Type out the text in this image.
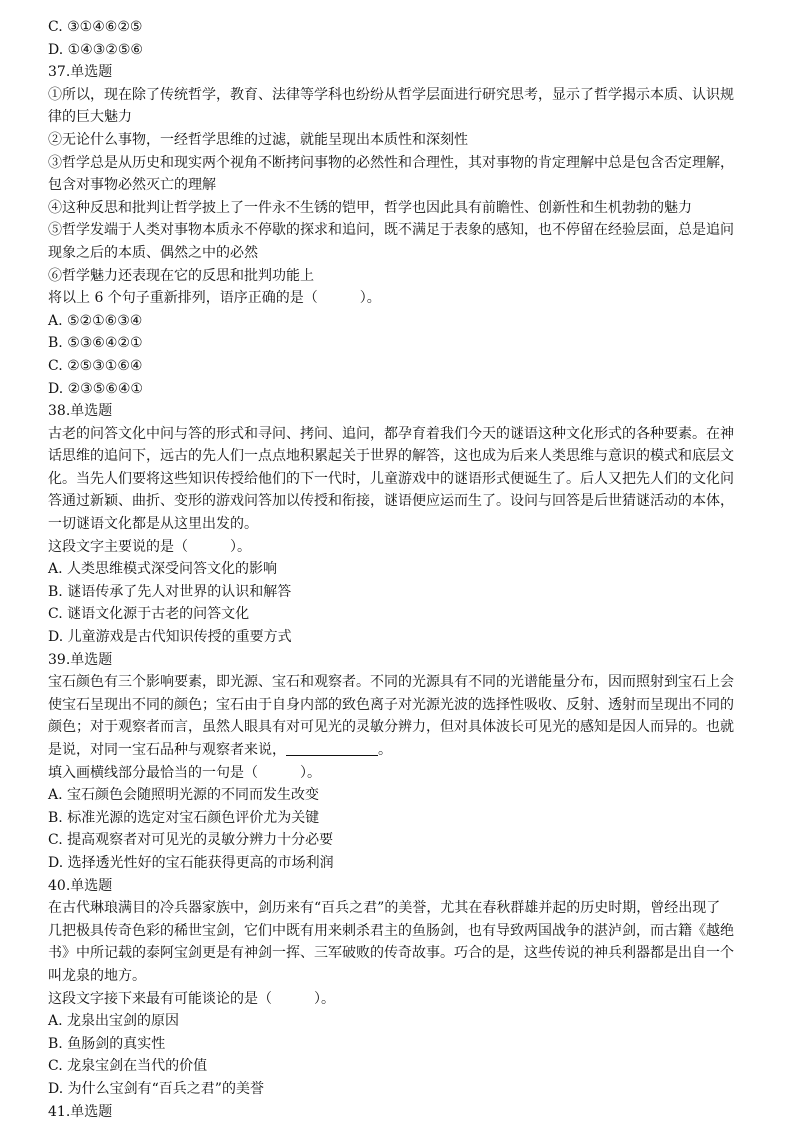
C. ③①④⑥②⑤
D. ①④③②⑤⑥
37.单选题
①所以，现在除了传统哲学，教育、法律等学科也纷纷从哲学层面进行研究思考，显示了哲学揭示本质、认识规
律的巨大魅力
②无论什么事物，一经哲学思维的过滤，就能呈现出本质性和深刻性
③哲学总是从历史和现实两个视角不断拷问事物的必然性和合理性，其对事物的肯定理解中总是包含否定理解，
包含对事物必然灭亡的理解
④这种反思和批判让哲学披上了一件永不生锈的铠甲，哲学也因此具有前瞻性、创新性和生机勃勃的魅力
⑤哲学发端于人类对事物本质永不停歇的探求和追问，既不满足于表象的感知，也不停留在经验层面，总是追问
现象之后的本质、偶然之中的必然
⑥哲学魅力还表现在它的反思和批判功能上
将以上 6 个句子重新排列，语序正确的是（　　　）。
A. ⑤②①⑥③④
B. ⑤③⑥④②①
C. ②⑤③①⑥④
D. ②③⑤⑥④①
38.单选题
古老的问答文化中问与答的形式和寻问、拷问、追问，都孕育着我们今天的谜语这种文化形式的各种要素。在神
话思维的追问下，远古的先人们一点点地积累起关于世界的解答，这也成为后来人类思维与意识的模式和底层文
化。当先人们要将这些知识传授给他们的下一代时，儿童游戏中的谜语形式便诞生了。后人又把先人们的文化问
答通过新颖、曲折、变形的游戏问答加以传授和衔接，谜语便应运而生了。设问与回答是后世猜谜活动的本体，
一切谜语文化都是从这里出发的。
这段文字主要说的是（　　　）。
A. 人类思维模式深受问答文化的影响
B. 谜语传承了先人对世界的认识和解答
C. 谜语文化源于古老的问答文化
D. 儿童游戏是古代知识传授的重要方式
39.单选题
宝石颜色有三个影响要素，即光源、宝石和观察者。不同的光源具有不同的光谱能量分布，因而照射到宝石上会
使宝石呈现出不同的颜色；宝石由于自身内部的致色离子对光源光波的选择性吸收、反射、透射而呈现出不同的
颜色；对于观察者而言，虽然人眼具有对可见光的灵敏分辨力，但对具体波长可见光的感知是因人而异的。也就
是说，对同一宝石品种与观察者来说，	。
填入画横线部分最恰当的一句是（　　　）。
A. 宝石颜色会随照明光源的不同而发生改变
B. 标准光源的选定对宝石颜色评价尤为关键
C. 提高观察者对可见光的灵敏分辨力十分必要
D. 选择透光性好的宝石能获得更高的市场利润
40.单选题
在古代琳琅满目的冷兵器家族中，剑历来有“百兵之君”的美誉，尤其在春秋群雄并起的历史时期，曾经出现了
几把极具传奇色彩的稀世宝剑，它们中既有用来刺杀君主的鱼肠剑，也有导致两国战争的湛泸剑，而古籍《越绝
书》中所记载的泰阿宝剑更是有神剑一挥、三军破败的传奇故事。巧合的是，这些传说的神兵利器都是出自一个
叫龙泉的地方。
这段文字接下来最有可能谈论的是（　　　）。
A. 龙泉出宝剑的原因
B. 鱼肠剑的真实性
C. 龙泉宝剑在当代的价值
D. 为什么宝剑有“百兵之君”的美誉
41.单选题
